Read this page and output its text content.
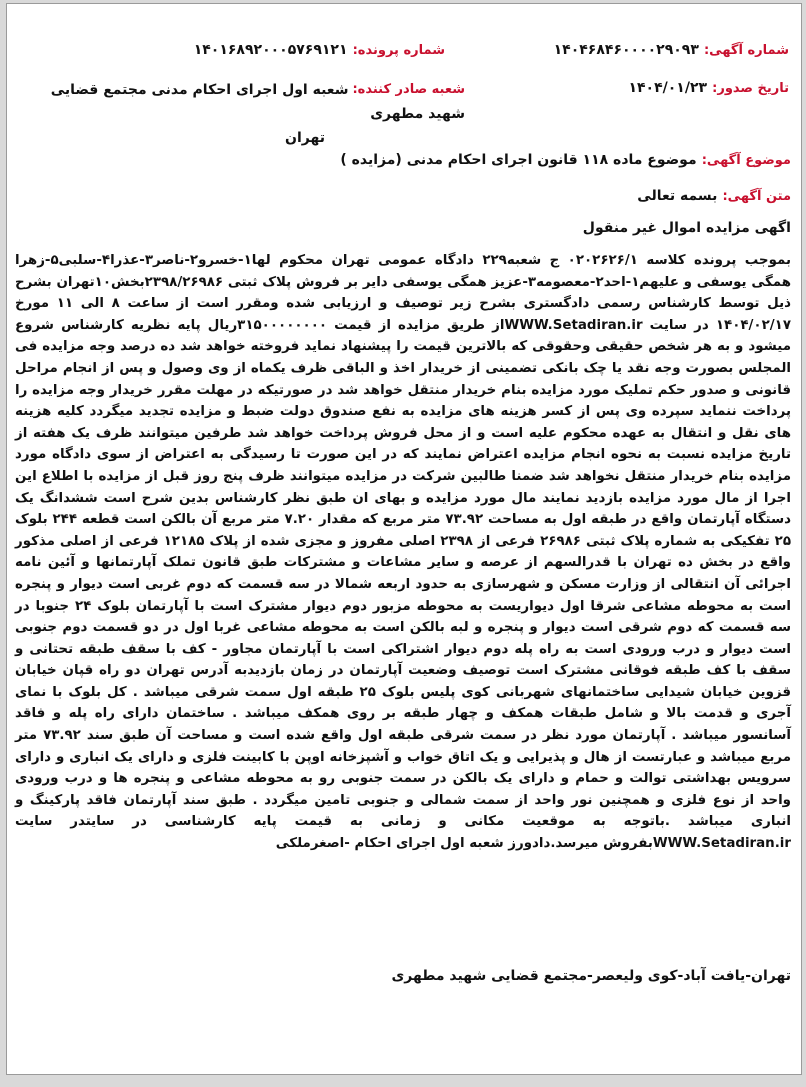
شماره آگهی: ۱۴۰۴۶۸۴۶۰۰۰۰۲۹۰۹۳
شماره پرونده: ۱۴۰۱۶۸۹۲۰۰۰۵۷۶۹۱۲۱
تاریخ صدور: ۱۴۰۴/۰۱/۲۳
شعبه صادر کننده:
شعبه اول اجرای احکام مدنی مجتمع قضایی شهید مطهری
تهران
موضوع آگهی: موضوع ماده ۱۱۸ قانون اجرای احکام مدنی (مزایده )
متن آگهی: بسمه تعالی
اگهی مزایده اموال غیر منقول
بموجب پرونده کلاسه ۰۲۰۲۶۲۶/۱ ج شعبه۲۲۹ دادگاه عمومی تهران محکوم لها۱-خسرو۲-ناصر۳-عذرا۴-سلبی۵-زهرا همگی یوسفی و علیهم۱-احد۲-معصومه۳-عزیز همگی یوسفی دایر بر فروش پلاک ثبتی ۲۳۹۸/۲۶۹۸۶بخش۱۰تهران بشرح ذیل توسط کارشناس رسمی دادگستری بشرح زیر توصیف و ارزیابی شده ومقرر است از ساعت ۸ الی ۱۱ مورخ ۱۴۰۴/۰۲/۱۷ در سایت WWW.Setadiran.irاز طریق مزایده از قیمت ۳۱۵۰۰۰۰۰۰۰۰ریال پایه نظریه کارشناس شروع میشود و به هر شخص حقیقی وحقوقی که بالاترین قیمت را پیشنهاد نماید فروخته خواهد شد ده درصد وجه مزایده فی المجلس بصورت وجه نقد یا چک بانکی تضمینی از خریدار اخذ و الباقی ظرف یکماه از وی وصول و پس از انجام مراحل قانونی و صدور حکم تملیک مورد مزایده بنام خریدار منتقل خواهد شد در صورتیکه در مهلت مقرر خریدار وجه مزایده را پرداخت ننماید سپرده وی پس از کسر هزینه های مزایده به نفع صندوق دولت ضبط و مزایده تجدید میگردد کلیه هزینه های نقل و انتقال به عهده محکوم علیه است و از محل فروش پرداخت خواهد شد طرفین میتوانند ظرف یک هفته از تاریخ مزایده نسبت به نحوه انجام مزایده اعتراض نمایند که در این صورت تا رسیدگی به اعتراض از سوی دادگاه مورد مزایده بنام خریدار منتقل نخواهد شد ضمنا طالبین شرکت در مزایده میتوانند ظرف پنج روز قبل از مزایده با اطلاع این اجرا از مال مورد مزایده بازدید نمایند مال مورد مزایده و بهای ان طبق نظر کارشناس بدین شرح است ششدانگ یک دستگاه آپارتمان واقع در طبقه اول به مساحت ۷۳.۹۲ متر مربع که مقدار ۷.۲۰ متر مربع آن بالکن است قطعه ۲۴۴ بلوک ۲۵ تفکیکی به شماره پلاک ثبتی ۲۶۹۸۶ فرعی از ۲۳۹۸ اصلی مفروز و مجزی شده از پلاک ۱۲۱۸۵ فرعی از اصلی مذکور واقع در بخش ده تهران با قدرالسهم از عرصه و سایر مشاعات و مشترکات طبق قانون تملک آپارتمانها و آئین نامه اجرائی آن انتقالی از وزارت مسکن و شهرسازی به حدود اربعه شمالا در سه قسمت که دوم غربی است دیوار و پنجره است به محوطه مشاعی شرقا اول دیواریست به محوطه مزبور دوم دیوار مشترک است با آپارتمان بلوک ۲۴ جنوبا در سه قسمت که دوم شرقی است دیوار و پنجره و لبه بالکن است به محوطه مشاعی غربا اول در دو قسمت دوم جنوبی است دیوار و درب ورودی است به راه پله دوم دیوار اشتراکی است با آپارتمان مجاور - کف با سقف طبقه تحتانی و سقف با کف طبقه فوقانی مشترک است توصیف وضعیت آپارتمان در زمان بازدیدبه آدرس تهران دو راه قپان خیابان قزوین خیابان شیدایی ساختمانهای شهربانی کوی پلیس بلوک ۲۵ طبقه اول سمت شرقی میباشد . کل بلوک با نمای آجری و قدمت بالا و شامل طبقات همکف و چهار طبقه بر روی همکف میباشد . ساختمان دارای راه پله و فاقد آسانسور میباشد . آپارتمان مورد نظر در سمت شرقی طبقه اول واقع شده است و مساحت آن طبق سند ۷۳.۹۲ متر مربع میباشد و عبارتست از هال و پذیرایی و یک اتاق خواب و آشپزخانه اوپن با کابینت فلزی و دارای یک انباری و دارای سرویس بهداشتی توالت و حمام و دارای یک بالکن در سمت جنوبی رو به محوطه مشاعی و پنجره ها و درب ورودی واحد از نوع فلزی و همچنین نور واحد از سمت شمالی و جنوبی تامین میگردد . طبق سند آپارتمان فاقد پارکینگ و انباری میباشد .باتوجه به موقعیت مکانی و زمانی به قیمت پایه کارشناسی در سایتدر سایت WWW.Setadiran.irبفروش میرسد.دادورز شعبه اول اجرای احکام -اصغرملکی
تهران-یافت آباد-کوی ولیعصر-مجتمع قضایی شهید مطهری
